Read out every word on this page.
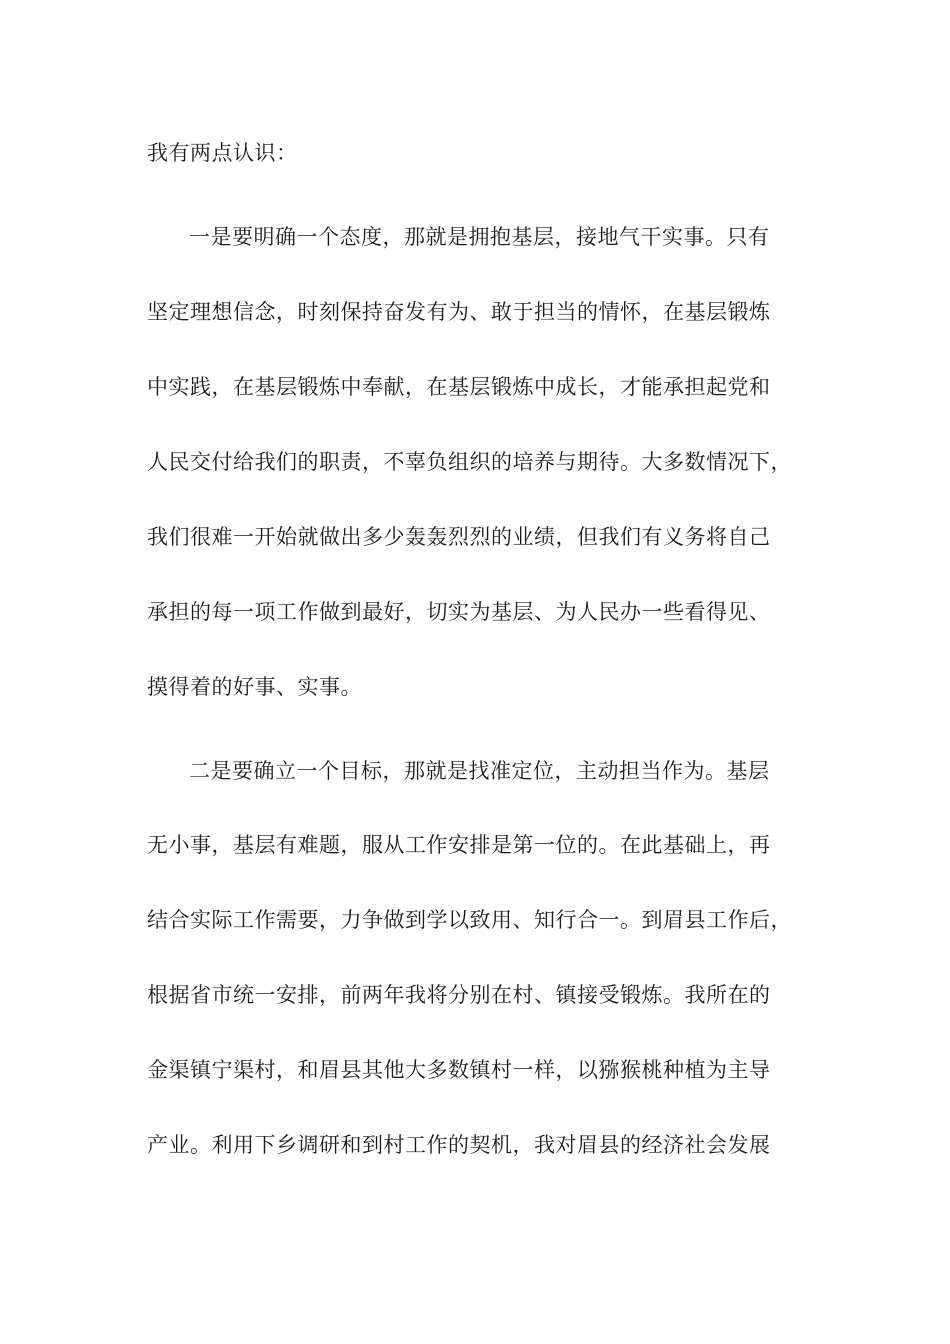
我有两点认识：

一是要明确一个态度，那就是拥抱基层，接地气干实事。只有

坚定理想信念，时刻保持奋发有为、敢于担当的情怀，在基层锻炼

中实践，在基层锻炼中奉献，在基层锻炼中成长，才能承担起党和

人民交付给我们的职责，不辜负组织的培养与期待。大多数情况下，

我们很难一开始就做出多少轰轰烈烈的业绩，但我们有义务将自己

承担的每一项工作做到最好，切实为基层、为人民办一些看得见、

摸得着的好事、实事。

二是要确立一个目标，那就是找准定位，主动担当作为。基层

无小事，基层有难题，服从工作安排是第一位的。在此基础上，再

结合实际工作需要，力争做到学以致用、知行合一。到眉县工作后，

根据省市统一安排，前两年我将分别在村、镇接受锻炼。我所在的

金渠镇宁渠村，和眉县其他大多数镇村一样，以猕猴桃种植为主导

产业。利用下乡调研和到村工作的契机，我对眉县的经济社会发展
